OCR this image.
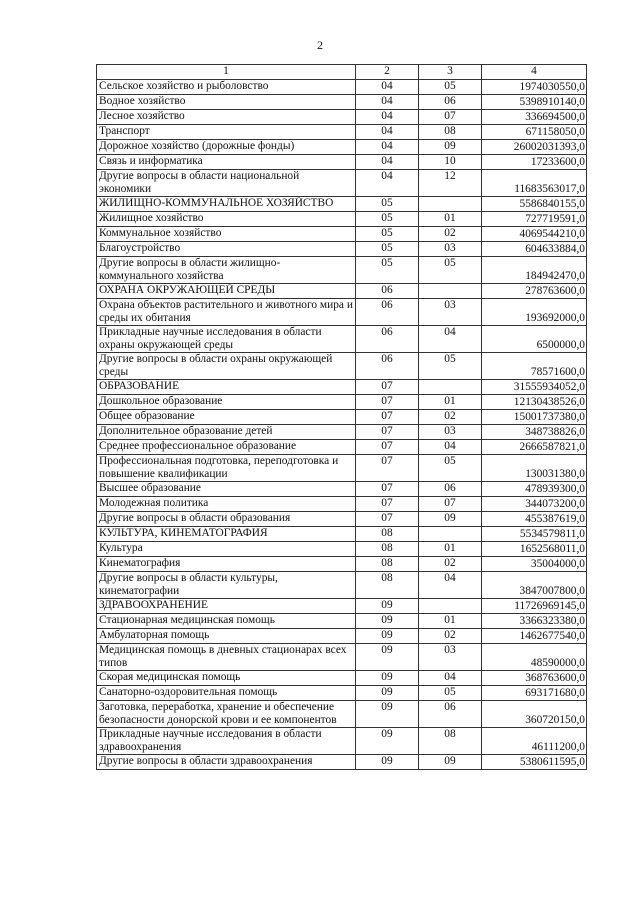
2
1	2	3	4
Сельское хозяйство и рыболовство	04	05	1974030550,0
Водное хозяйство	04	06	5398910140,0
Лесное хозяйство	04	07	336694500,0
Транспорт	04	08	671158050,0
Дорожное хозяйство (дорожные фонды)	04	09	26002031393,0
Связь и информатика	04	10	17233600,0
Другие вопросы в области национальной экономики	04	12	11683563017,0
ЖИЛИЩНО-КОММУНАЛЬНОЕ ХОЗЯЙСТВО	05		5586840155,0
Жилищное хозяйство	05	01	727719591,0
Коммунальное хозяйство	05	02	4069544210,0
Благоустройство	05	03	604633884,0
Другие вопросы в области жилищно-коммунального хозяйства	05	05	184942470,0
ОХРАНА ОКРУЖАЮЩЕЙ СРЕДЫ	06		278763600,0
Охрана объектов растительного и животного мира и среды их обитания	06	03	193692000,0
Прикладные научные исследования в области охраны окружающей среды	06	04	6500000,0
Другие вопросы в области охраны окружающей среды	06	05	78571600,0
ОБРАЗОВАНИЕ	07		31555934052,0
Дошкольное образование	07	01	12130438526,0
Общее образование	07	02	15001737380,0
Дополнительное образование детей	07	03	348738826,0
Среднее профессиональное образование	07	04	2666587821,0
Профессиональная подготовка, переподготовка и повышение квалификации	07	05	130031380,0
Высшее образование	07	06	478939300,0
Молодежная политика	07	07	344073200,0
Другие вопросы в области образования	07	09	455387619,0
КУЛЬТУРА, КИНЕМАТОГРАФИЯ	08		5534579811,0
Культура	08	01	1652568011,0
Кинематография	08	02	35004000,0
Другие вопросы в области культуры, кинематографии	08	04	3847007800,0
ЗДРАВООХРАНЕНИЕ	09		11726969145,0
Стационарная медицинская помощь	09	01	3366323380,0
Амбулаторная помощь	09	02	1462677540,0
Медицинская помощь в дневных стационарах всех типов	09	03	48590000,0
Скорая медицинская помощь	09	04	368763600,0
Санаторно-оздоровительная помощь	09	05	693171680,0
Заготовка, переработка, хранение и обеспечение безопасности донорской крови и ее компонентов	09	06	360720150,0
Прикладные научные исследования в области здравоохранения	09	08	46111200,0
Другие вопросы в области здравоохранения	09	09	5380611595,0
